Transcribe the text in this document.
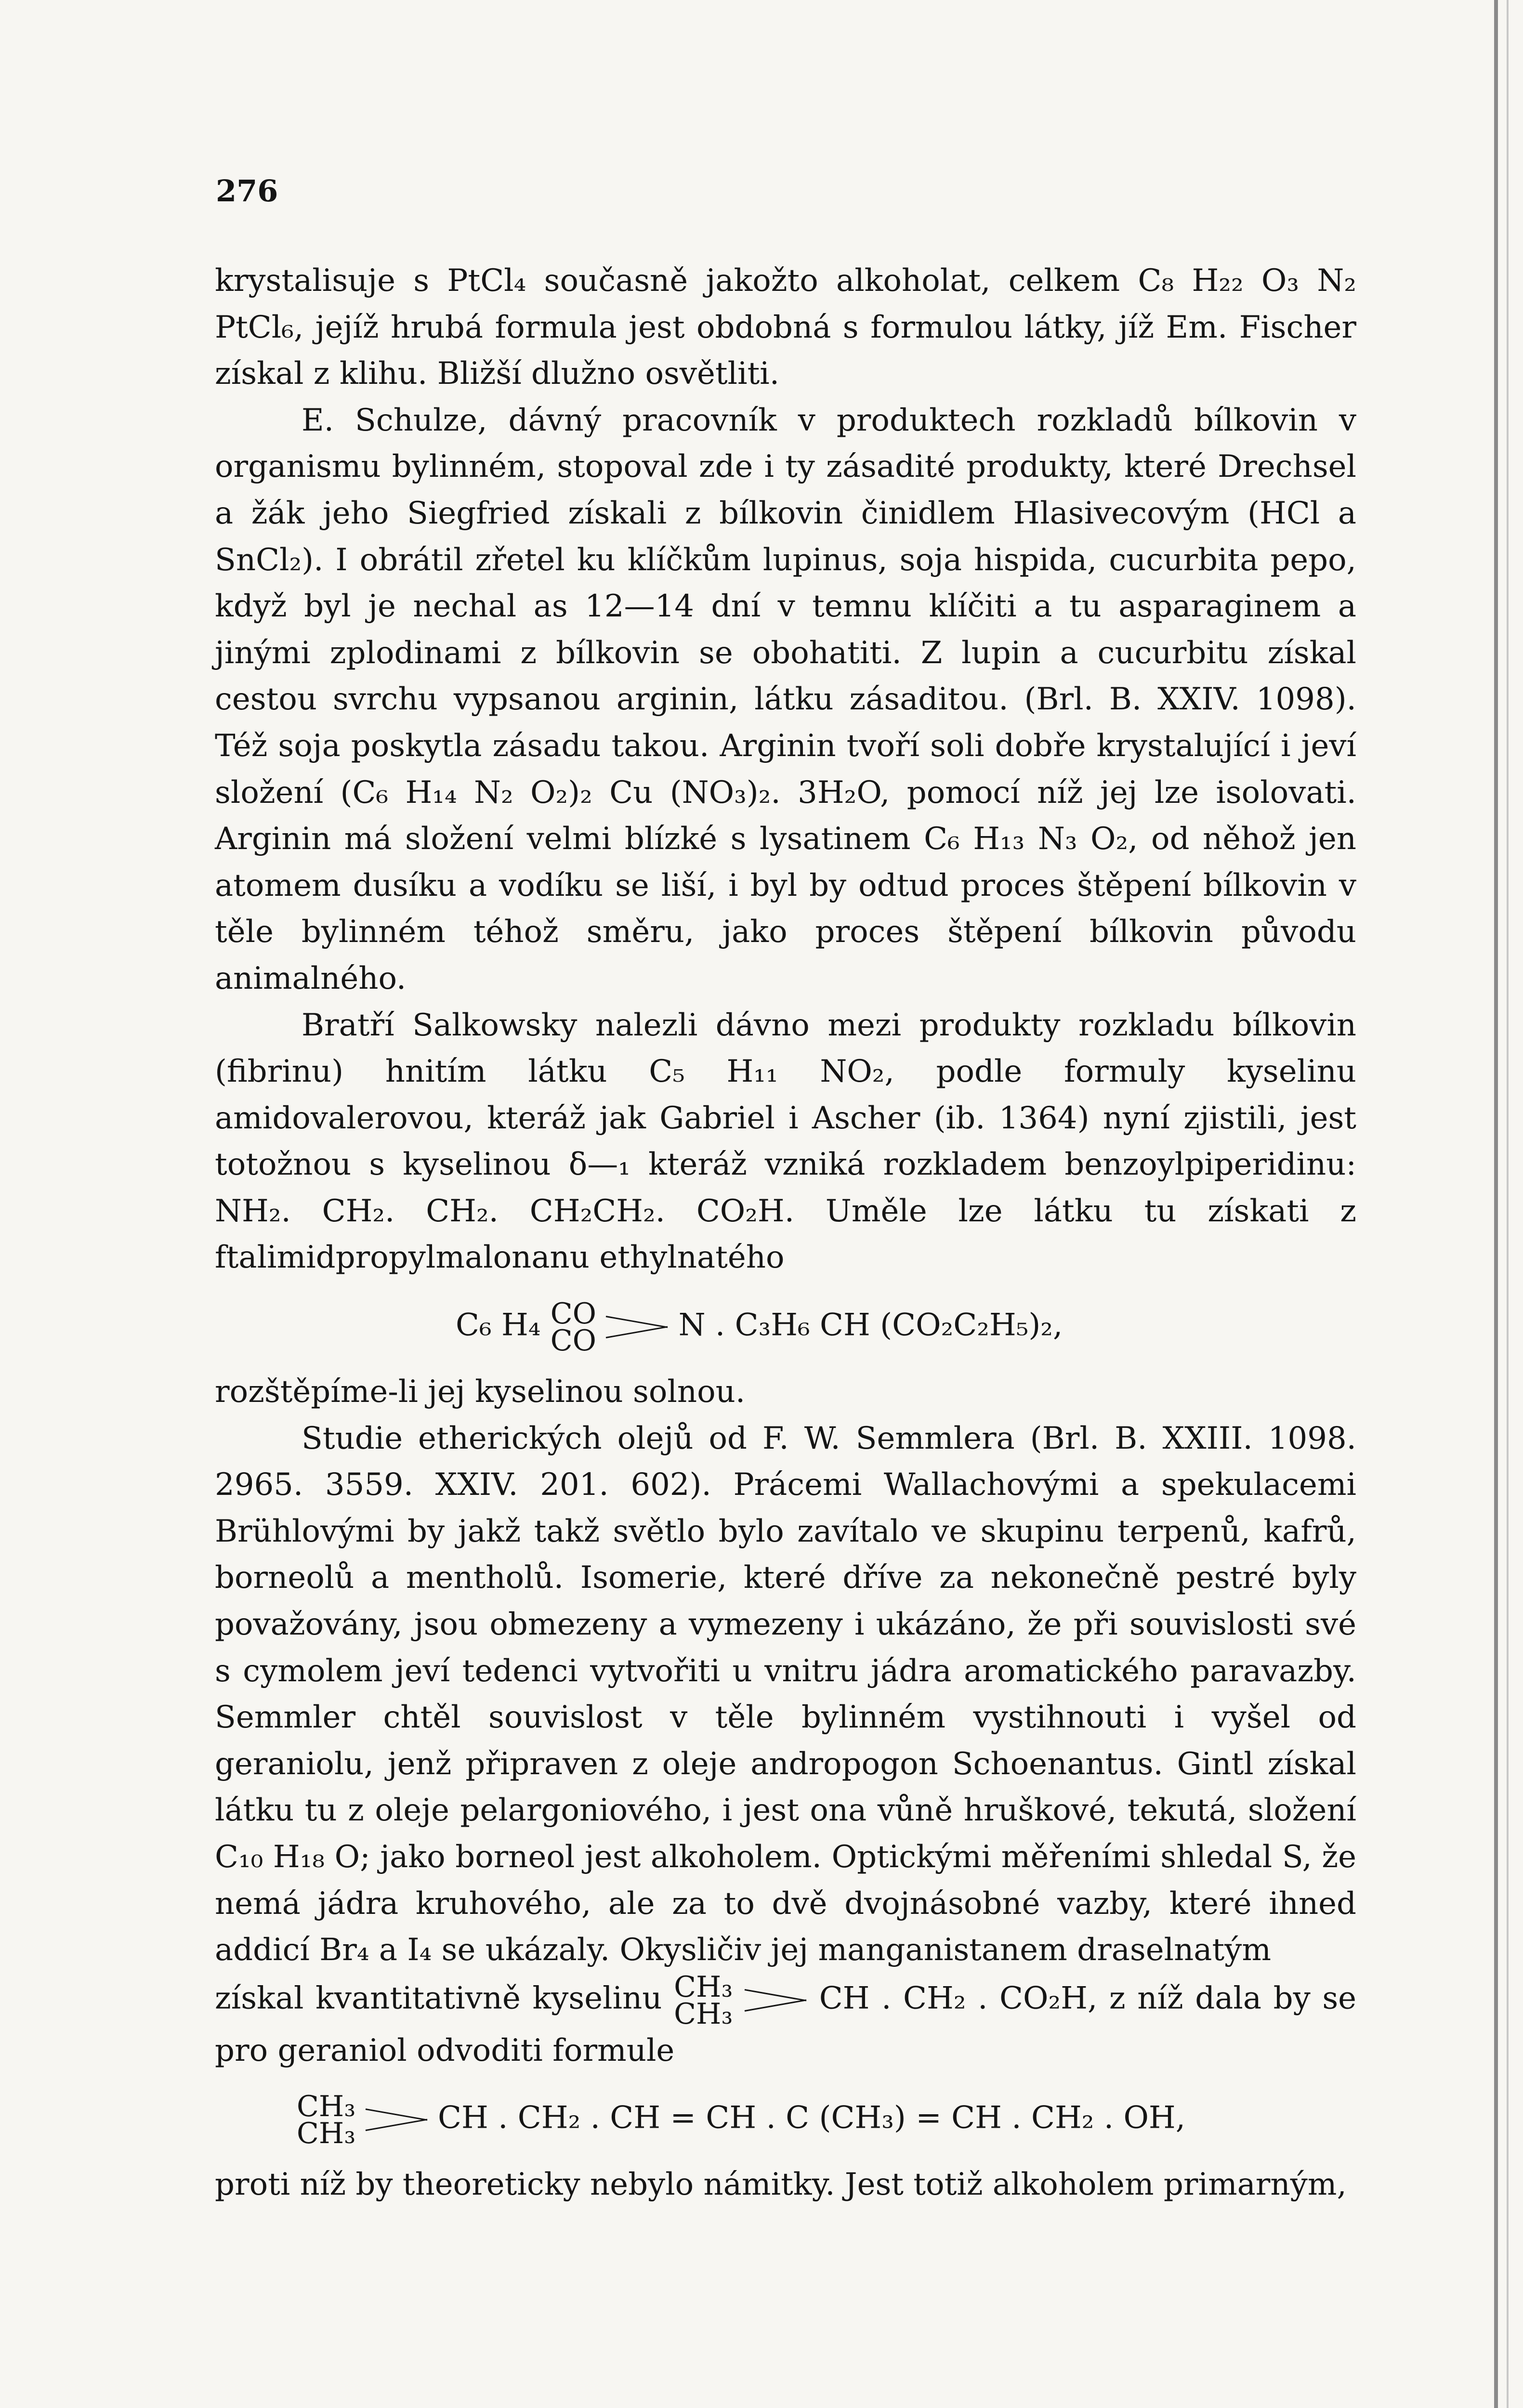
276

krystalisuje s PtCl₄ současně jakožto alkoholat, celkem C₈ H₂₂ O₃ N₂ PtCl₆, jejíž hrubá formula jest obdobná s formulou látky, jíž Em. Fischer získal z klihu. Bližší dlužno osvětliti.

E. Schulze, dávný pracovník v produktech rozkladů bílkovin v organismu bylinném, stopoval zde i ty zásadité produkty, které Drechsel a žák jeho Siegfried získali z bílkovin činidlem Hlasivecovým (HCl a SnCl₂). I obrátil zřetel ku klíčkům lupinus, soja hispida, cucurbita pepo, když byl je nechal as 12—14 dní v temnu klíčiti a tu asparaginem a jinými zplodinami z bílkovin se obohatiti. Z lupin a cucurbitu získal cestou svrchu vypsanou arginin, látku zásaditou. (Brl. B. XXIV. 1098). Též soja poskytla zásadu takou. Arginin tvoří soli dobře krystalující i jeví složení (C₆ H₁₄ N₂ O₂)₂ Cu (NO₃)₂. 3H₂O, pomocí níž jej lze isolovati. Arginin má složení velmi blízké s lysatinem C₆ H₁₃ N₃ O₂, od něhož jen atomem dusíku a vodíku se liší, i byl by odtud proces štěpení bílkovin v těle bylinném téhož směru, jako proces štěpení bílkovin původu animalného.

Bratří Salkowsky nalezli dávno mezi produkty rozkladu bílkovin (fibrinu) hnitím látku C₅ H₁₁ NO₂, podle formuly kyselinu amidovalerovou, kteráž jak Gabriel i Ascher (ib. 1364) nyní zjistili, jest totožnou s kyselinou δ—₁ kteráž vzniká rozkladem benzoylpiperidinu: NH₂. CH₂. CH₂. CH₂CH₂. CO₂H. Uměle lze látku tu získati z ftalimidpropylmalonanu ethylnatého

C₆ H₄ CO
CO	N . C₃H₆ CH (CO₂C₂H₅)₂,

rozštěpíme-li jej kyselinou solnou.

Studie etherických olejů od F. W. Semmlera (Brl. B. XXIII. 1098. 2965. 3559. XXIV. 201. 602). Prácemi Wallachovými a spekulacemi Brühlovými by jakž takž světlo bylo zavítalo ve skupinu terpenů, kafrů, borneolů a mentholů. Isomerie, které dříve za nekonečně pestré byly považovány, jsou obmezeny a vymezeny i ukázáno, že při souvislosti své s cymolem jeví tedenci vytvořiti u vnitru jádra aromatického paravazby. Semmler chtěl souvislost v těle bylinném vystihnouti i vyšel od geraniolu, jenž připraven z oleje andropogon Schoenantus. Gintl získal látku tu z oleje pelargoniového, i jest ona vůně hruškové, tekutá, složení C₁₀ H₁₈ O; jako borneol jest alkoholem. Optickými měřeními shledal S, že nemá jádra kruhového, ale za to dvě dvojnásobné vazby, které ihned addicí Br₄ a I₄ se ukázaly. Okysličiv jej manganistanem draselnatým

získal kvantitativně kyselinu CH₃
CH₃	CH . CH₂ . CO₂H, z níž dala by se pro geraniol odvoditi formule

CH₃
CH₃	CH . CH₂ . CH = CH . C (CH₃) = CH . CH₂ . OH,

proti níž by theoreticky nebylo námitky. Jest totiž alkoholem primarným,
